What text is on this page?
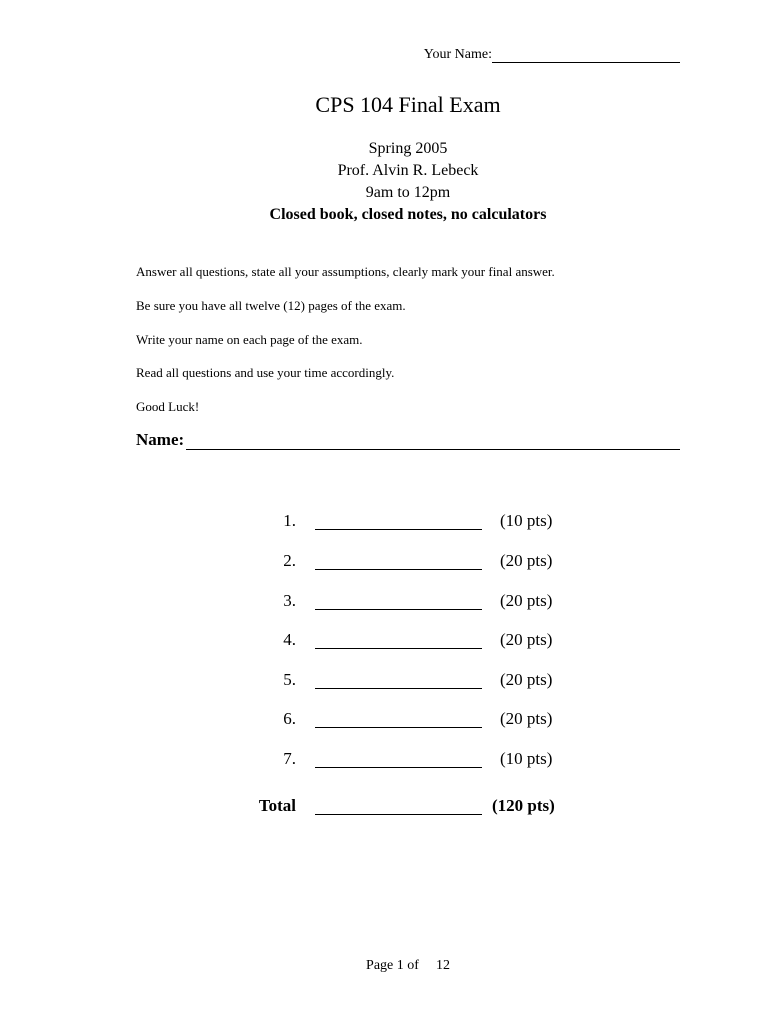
Your Name:
CPS 104 Final Exam
Spring 2005
Prof. Alvin R. Lebeck
9am to 12pm
Closed book, closed notes, no calculators
Answer all questions, state all your assumptions, clearly mark your final answer.
Be sure you have all twelve (12) pages of the exam.
Write your name on each page of the exam.
Read all questions and use your time accordingly.
Good Luck!
Name:
1.	(10 pts)
2.	(20 pts)
3.	(20 pts)
4.	(20 pts)
5.	(20 pts)
6.	(20 pts)
7.	(10 pts)
Total	(120 pts)
Page 1 of 12
